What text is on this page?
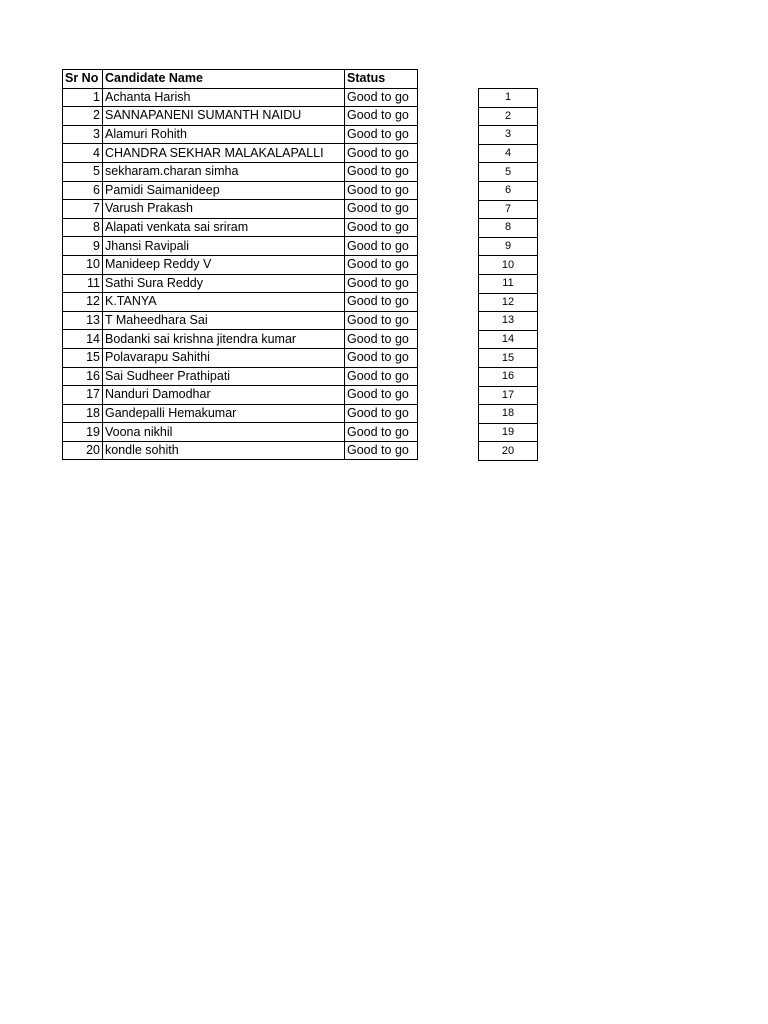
Sr No	Candidate Name	Status
1	Achanta Harish	Good to go
2	SANNAPANENI SUMANTH NAIDU	Good to go
3	Alamuri Rohith	Good to go
4	CHANDRA SEKHAR MALAKALAPALLI	Good to go
5	sekharam.charan simha	Good to go
6	Pamidi Saimanideep	Good to go
7	Varush Prakash	Good to go
8	Alapati venkata sai sriram	Good to go
9	Jhansi Ravipali	Good to go
10	Manideep Reddy V	Good to go
11	Sathi Sura Reddy	Good to go
12	K.TANYA	Good to go
13	T Maheedhara Sai	Good to go
14	Bodanki sai krishna jitendra kumar	Good to go
15	Polavarapu Sahithi	Good to go
16	Sai Sudheer Prathipati	Good to go
17	Nanduri Damodhar	Good to go
18	Gandepalli Hemakumar	Good to go
19	Voona nikhil	Good to go
20	kondle sohith	Good to go
1
2
3
4
5
6
7
8
9
10
11
12
13
14
15
16
17
18
19
20
